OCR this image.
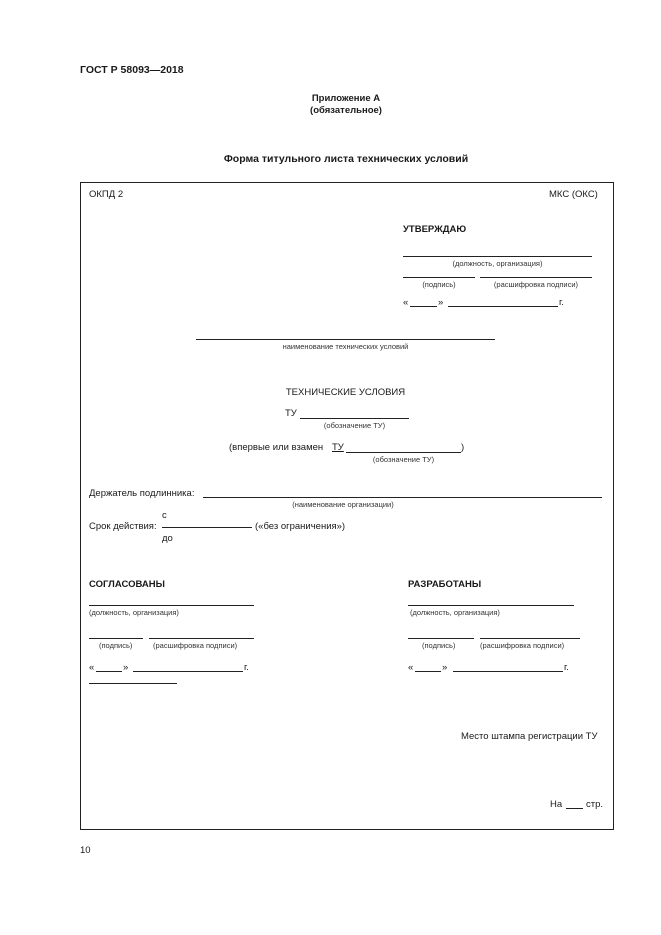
ГОСТ Р 58093—2018
Приложение А
(обязательное)
Форма титульного листа технических условий
ОКПД 2	МКС (ОКС)
УТВЕРЖДАЮ
(должность, организация)
(подпись)	(расшифровка подписи)
«	»	г.
наименование технических условий
ТЕХНИЧЕСКИЕ УСЛОВИЯ
ТУ
(обозначение ТУ)
(впервые или взамен ТУ	)
(обозначение ТУ)
Держатель подлинника:
(наименование организации)
с
Срок действия:	(«без ограничения»)
до
СОГЛАСОВАНЫ
(должность, организация)
(подпись)	(расшифровка подписи)
«	»	г.
РАЗРАБОТАНЫ
(должность, организация)
(подпись)	(расшифровка подписи)
«	»	г.
Место штампа регистрации ТУ
На	стр.
10
